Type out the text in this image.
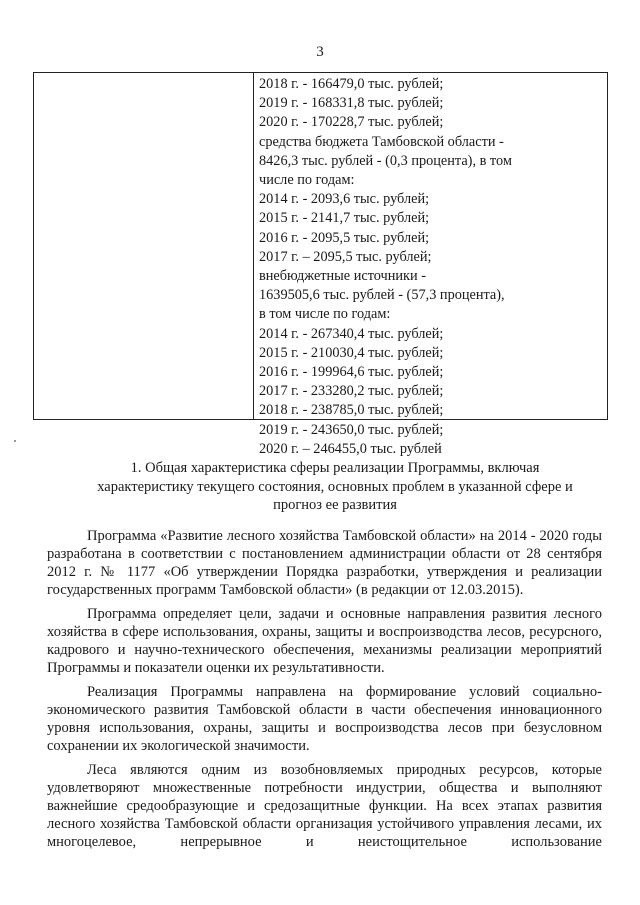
3
2018 г. - 166479,0 тыс. рублей;
2019 г. - 168331,8 тыс. рублей;
2020 г. - 170228,7 тыс. рублей;
средства бюджета Тамбовской области -
8426,3 тыс. рублей - (0,3 процента), в том
числе по годам:
2014 г. - 2093,6 тыс. рублей;
2015 г. - 2141,7 тыс. рублей;
2016 г. - 2095,5 тыс. рублей;
2017 г. – 2095,5 тыс. рублей;
внебюджетные источники -
1639505,6 тыс. рублей - (57,3 процента),
в том числе по годам:
2014 г. - 267340,4 тыс. рублей;
2015 г. - 210030,4 тыс. рублей;
2016 г. - 199964,6 тыс. рублей;
2017 г. - 233280,2 тыс. рублей;
2018 г. - 238785,0 тыс. рублей;
2019 г. - 243650,0 тыс. рублей;
2020 г. – 246455,0 тыс. рублей
1. Общая характеристика сферы реализации Программы, включая характеристику текущего состояния, основных проблем в указанной сфере и прогноз ее развития

Программа «Развитие лесного хозяйства Тамбовской области» на 2014 - 2020 годы разработана в соответствии с постановлением администрации области от 28 сентября 2012 г. № 1177 «Об утверждении Порядка разработки, утверждения и реализации государственных программ Тамбовской области» (в редакции от 12.03.2015).

Программа определяет цели, задачи и основные направления развития лесного хозяйства в сфере использования, охраны, защиты и воспроизводства лесов, ресурсного, кадрового и научно-технического обеспечения, механизмы реализации мероприятий Программы и показатели оценки их результативности.

Реализация Программы направлена на формирование условий социально-экономического развития Тамбовской области в части обеспечения инновационного уровня использования, охраны, защиты и воспроизводства лесов при безусловном сохранении их экологической значимости.

Леса являются одним из возобновляемых природных ресурсов, которые удовлетворяют множественные потребности индустрии, общества и выполняют важнейшие средообразующие и средозащитные функции. На всех этапах развития лесного хозяйства Тамбовской области организация устойчивого управления лесами, их многоцелевое, непрерывное и неистощительное использование
